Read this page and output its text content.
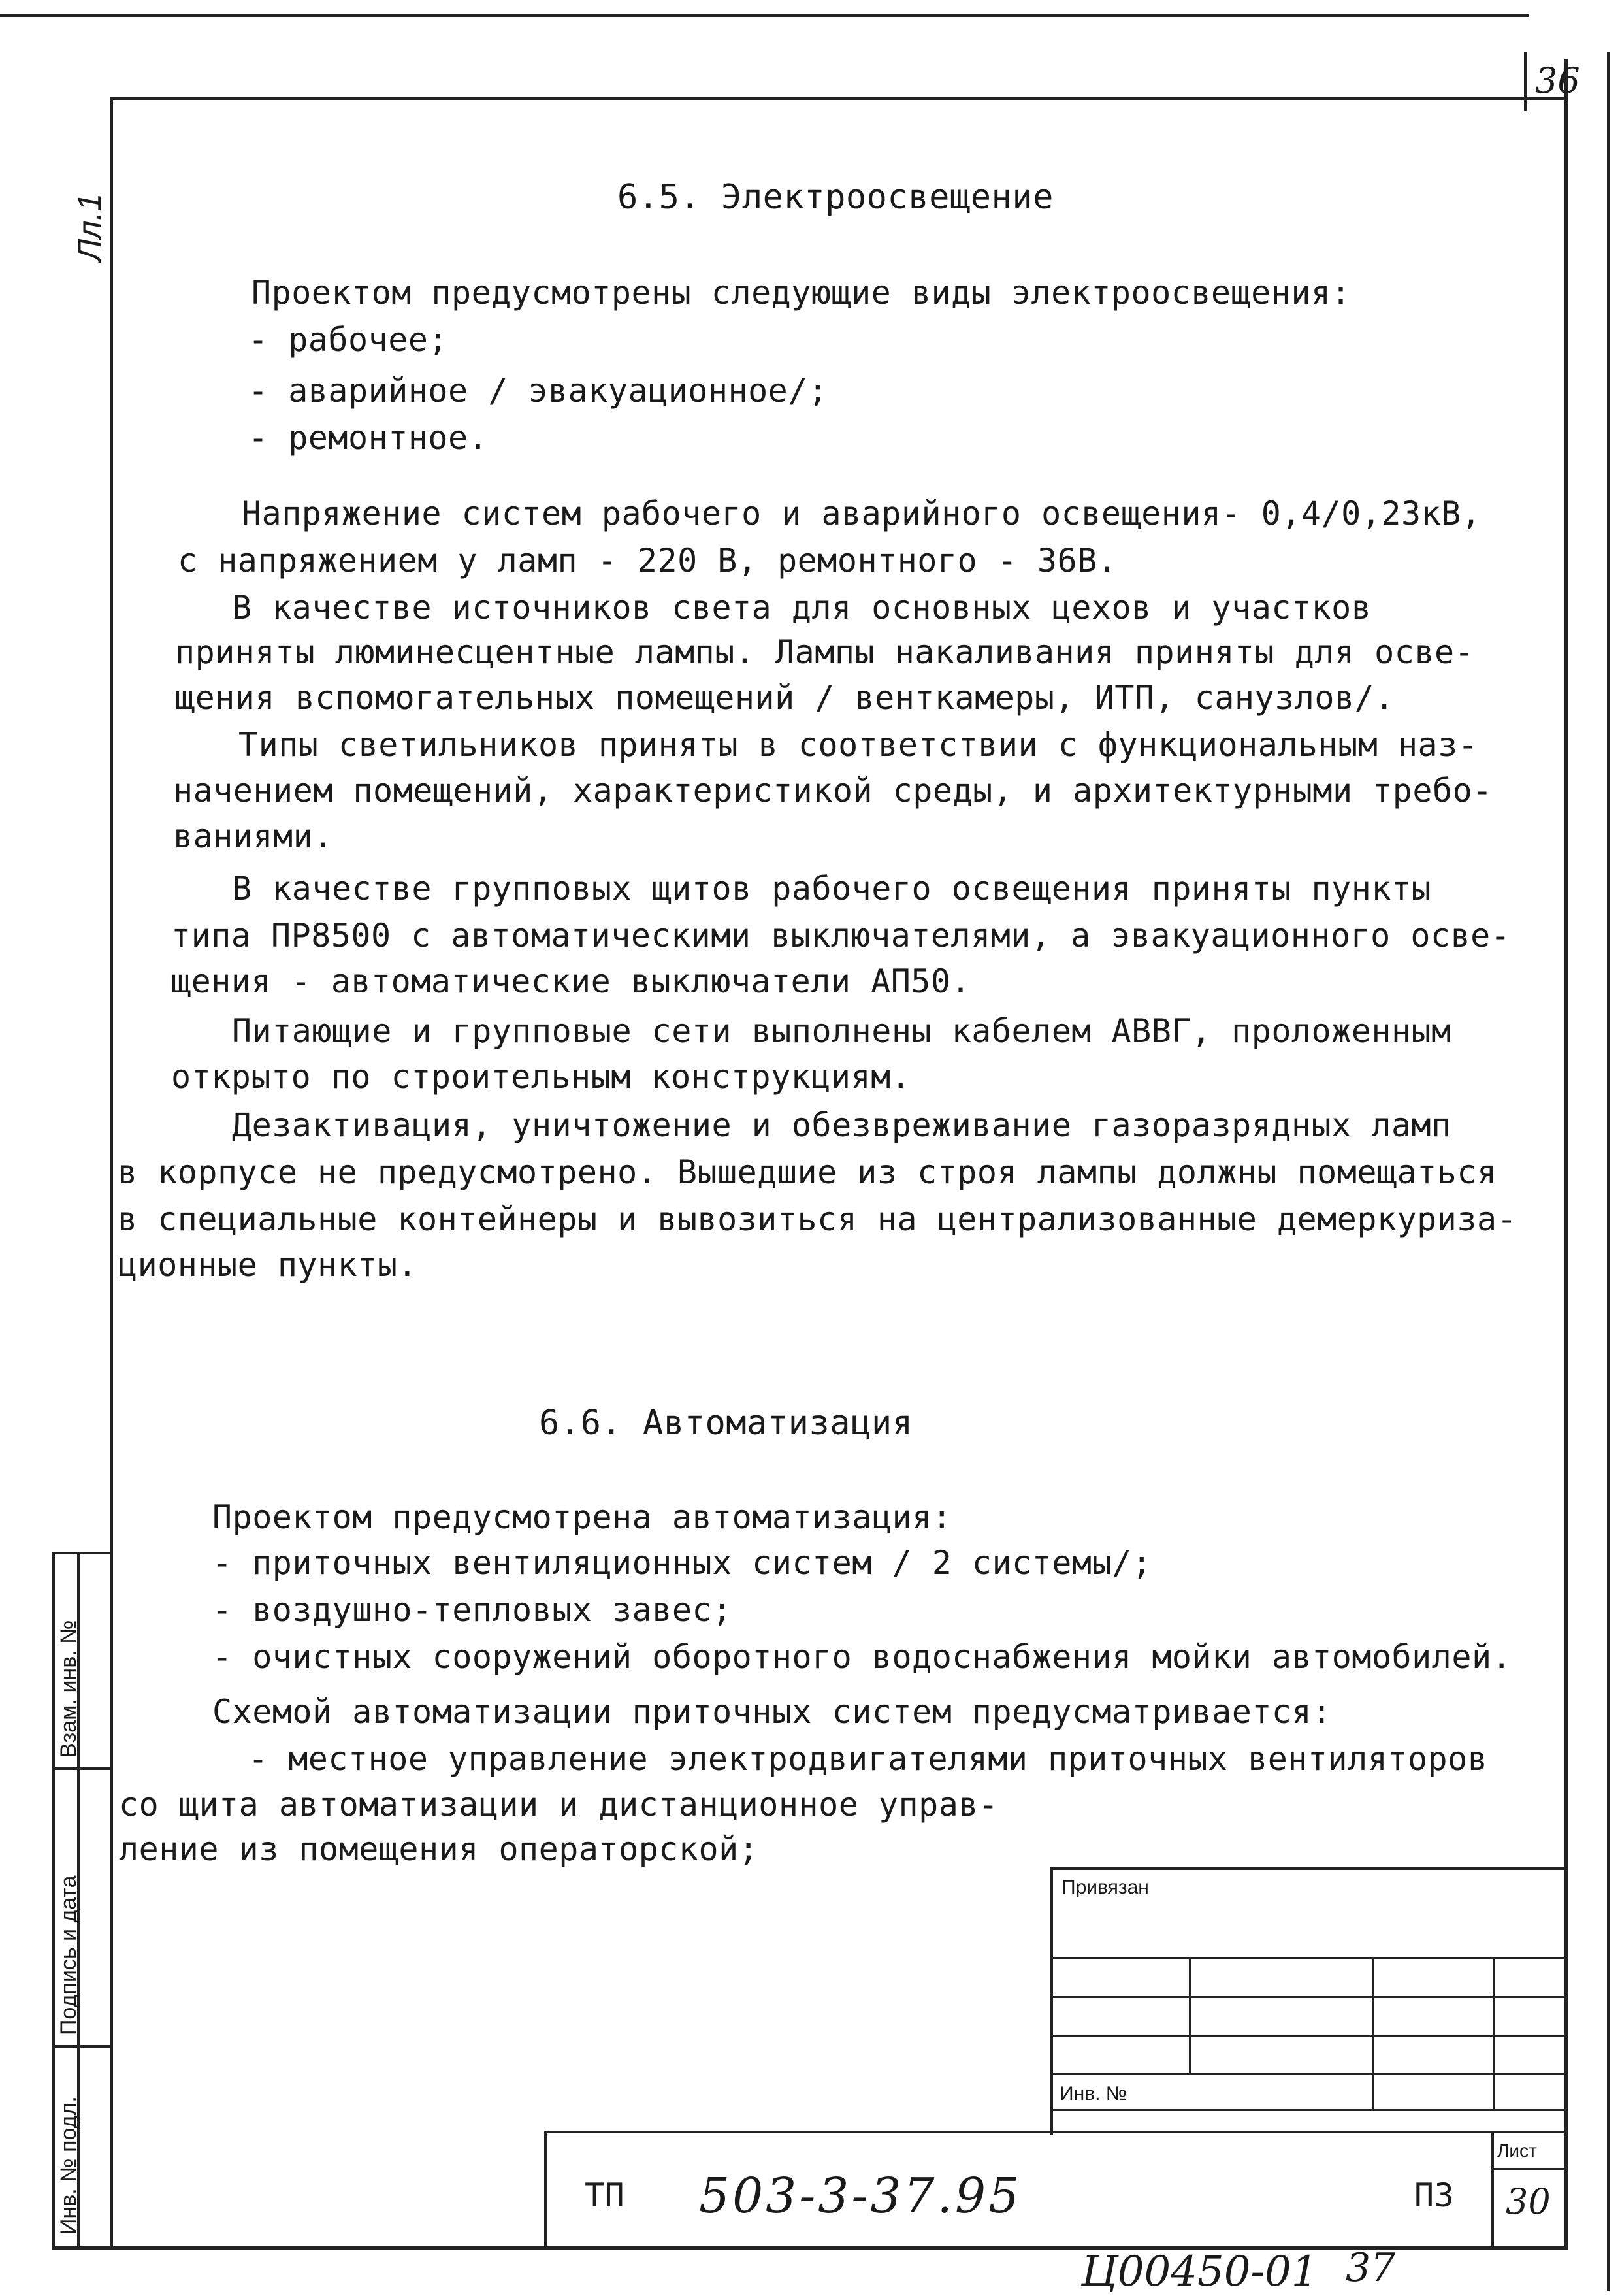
36
Лл.1	6.5. Электроосвещение
Проектом предусмотрены следующие виды электроосвещения:
- рабочее;
- аварийное / эвакуационное/;
- ремонтное.
Напряжение систем рабочего и аварийного освещения- 0,4/0,23кВ,
с напряжением у ламп - 220 В, ремонтного - 36В.
В качестве источников света для основных цехов и участков
приняты люминесцентные лампы. Лампы накаливания приняты для осве-
щения вспомогательных помещений / венткамеры, ИТП, санузлов/.
Типы светильников приняты в соответствии с функциональным наз-
начением помещений, характеристикой среды, и архитектурными требо-
ваниями.
В качестве групповых щитов рабочего освещения приняты пункты
типа ПР8500 с автоматическими выключателями, а эвакуационного осве-
щения - автоматические выключатели АП50.
Питающие и групповые сети выполнены кабелем АВВГ, проложенным
открыто по строительным конструкциям.
Дезактивация, уничтожение и обезвреживание газоразрядных ламп
в корпусе не предусмотрено. Вышедшие из строя лампы должны помещаться
в специальные контейнеры и вывозиться на централизованные демеркуриза-
ционные пункты.
6.6. Автоматизация
Проектом предусмотрена автоматизация:
- приточных вентиляционных систем / 2 системы/;
- воздушно-тепловых завес;
- очистных сооружений оборотного водоснабжения мойки автомобилей.
Схемой автоматизации приточных систем предусматривается:
- местное управление электродвигателями приточных вентиляторов
со щита автоматизации и дистанционное управ-
ление из помещения операторской;
Взам. инв. №
Подпись и дата
Инв. № подл.
Привязан
Инв. №
ТП 503-3-37.95	ПЗ
Лист
30
Ц00450-01 37
